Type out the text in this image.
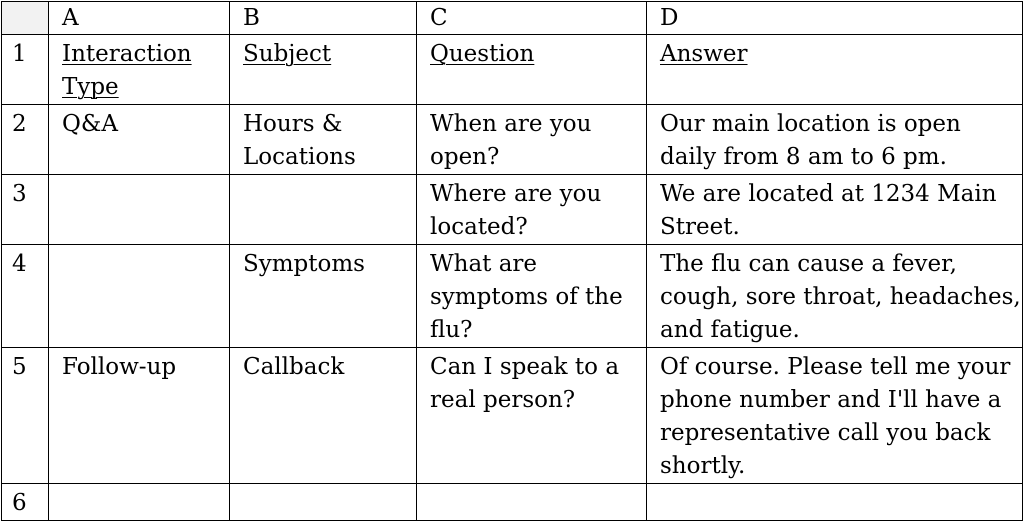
	A	B	C	D
1	Interaction Type	Subject	Question	Answer

2	Q&A	Hours & Locations	When are you open?	Our main location is open daily from 8 am to 6 pm.
3			Where are you located?	We are located at 1234 Main Street.
4		Symptoms	What are symptoms of the flu?	The flu can cause a fever, cough, sore throat, headaches, and fatigue.
5	Follow-up	Callback	Can I speak to a real person?	Of course. Please tell me your phone number and I'll have a representative call you back shortly.
6				
